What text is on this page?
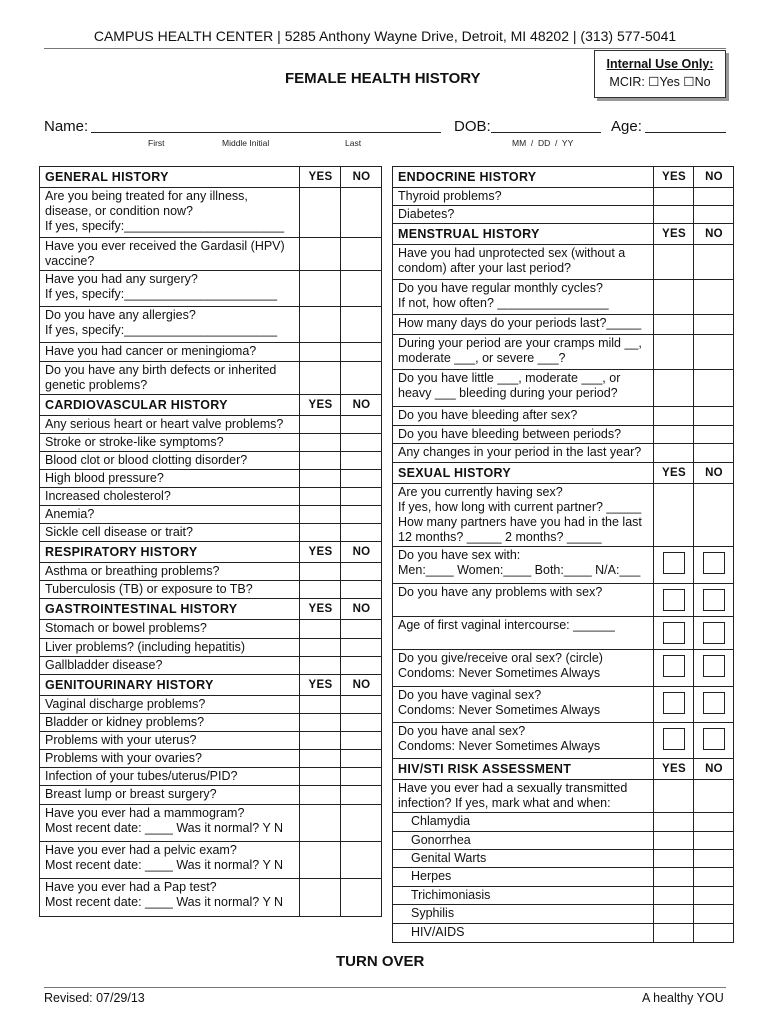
CAMPUS HEALTH CENTER | 5285 Anthony Wayne Drive, Detroit, MI 48202 | (313) 577-5041
FEMALE HEALTH HISTORY
Internal Use Only:
MCIR: ☐Yes ☐No
Name:
First	Middle Initial	Last
DOB:
MM  /  DD  /  YY
Age:
GENERAL HISTORY	YES	NO
Are you being treated for any illness,
disease, or condition now?
If yes, specify:_______________________		
Have you ever received the Gardasil (HPV)
vaccine?		
Have you had any surgery?
If yes, specify:______________________		
Do you have any allergies?
If yes, specify:______________________		
Have you had cancer or meningioma?		
Do you have any birth defects or inherited
genetic problems?		
CARDIOVASCULAR HISTORY	YES	NO
Any serious heart or heart valve problems?		
Stroke or stroke-like symptoms?		
Blood clot or blood clotting disorder?		
High blood pressure?		
Increased cholesterol?		
Anemia?		
Sickle cell disease or trait?		
RESPIRATORY HISTORY	YES	NO
Asthma or breathing problems?		
Tuberculosis (TB) or exposure to TB?		
GASTROINTESTINAL HISTORY	YES	NO
Stomach or bowel problems?		
Liver problems? (including hepatitis)		
Gallbladder disease?		
GENITOURINARY HISTORY	YES	NO
Vaginal discharge problems?		
Bladder or kidney problems?		
Problems with your uterus?		
Problems with your ovaries?		
Infection of your tubes/uterus/PID?		
Breast lump or breast surgery?		
Have you ever had a mammogram?
Most recent date: ____ Was it normal? Y N		
Have you ever had a pelvic exam?
Most recent date: ____ Was it normal? Y N		
Have you ever had a Pap test?
Most recent date: ____ Was it normal? Y N		
ENDOCRINE HISTORY	YES	NO
Thyroid problems?		
Diabetes?		
MENSTRUAL HISTORY	YES	NO
Have you had unprotected sex (without a
condom) after your last period?		
Do you have regular monthly cycles?
If not, how often? ________________		
How many days do your periods last?_____		
During your period are your cramps mild __,
moderate ___, or severe ___?		
Do you have little ___, moderate ___, or
heavy ___ bleeding during your period?		
Do you have bleeding after sex?		
Do you have bleeding between periods?		
Any changes in your period in the last year?		
SEXUAL HISTORY	YES	NO
Are you currently having sex?
If yes, how long with current partner? _____
How many partners have you had in the last
12 months? _____ 2 months? _____		
Do you have sex with:
Men:____ Women:____ Both:____ N/A:___		
Do you have any problems with sex?		
Age of first vaginal intercourse: ______		
Do you give/receive oral sex? (circle)
Condoms: Never Sometimes Always		
Do you have vaginal sex?
Condoms: Never Sometimes Always		
Do you have anal sex?
Condoms: Never Sometimes Always		
HIV/STI RISK ASSESSMENT	YES	NO
Have you ever had a sexually transmitted
infection? If yes, mark what and when:		
Chlamydia		
Gonorrhea		
Genital Warts		
Herpes		
Trichimoniasis		
Syphilis		
HIV/AIDS		
TURN OVER
Revised: 07/29/13	A healthy YOU
